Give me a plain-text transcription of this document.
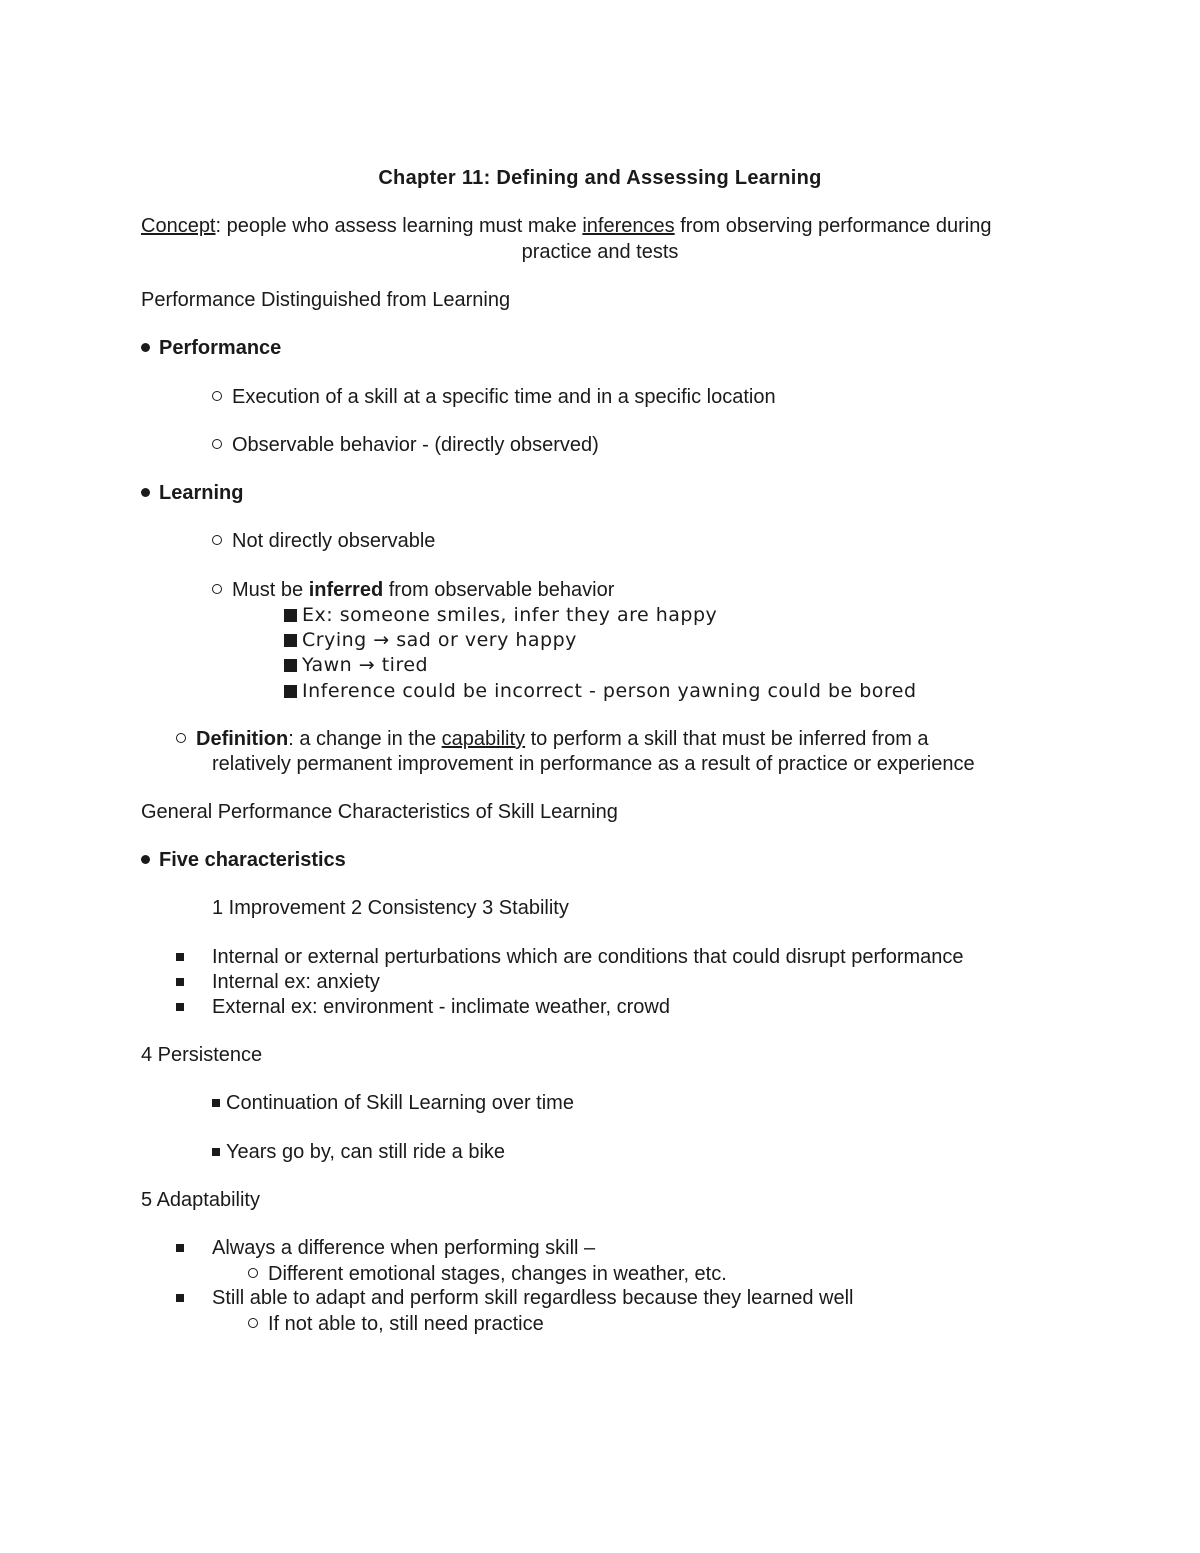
Chapter 11: Defining and Assessing Learning
Concept: people who assess learning must make inferences from observing performance during
practice and tests
Performance Distinguished from Learning
Performance
Execution of a skill at a specific time and in a specific location
Observable behavior - (directly observed)
Learning
Not directly observable
Must be inferred from observable behavior
Ex: someone smiles, infer they are happy
Crying → sad or very happy
Yawn → tired
Inference could be incorrect - person yawning could be bored
Definition: a change in the capability to perform a skill that must be inferred from a
relatively permanent improvement in performance as a result of practice or experience
General Performance Characteristics of Skill Learning
Five characteristics
1 Improvement 2 Consistency 3 Stability
Internal or external perturbations which are conditions that could disrupt performance
Internal ex: anxiety
External ex: environment - inclimate weather, crowd
4 Persistence
Continuation of Skill Learning over time
Years go by, can still ride a bike
5 Adaptability
Always a difference when performing skill –
Different emotional stages, changes in weather, etc.
Still able to adapt and perform skill regardless because they learned well
If not able to, still need practice
